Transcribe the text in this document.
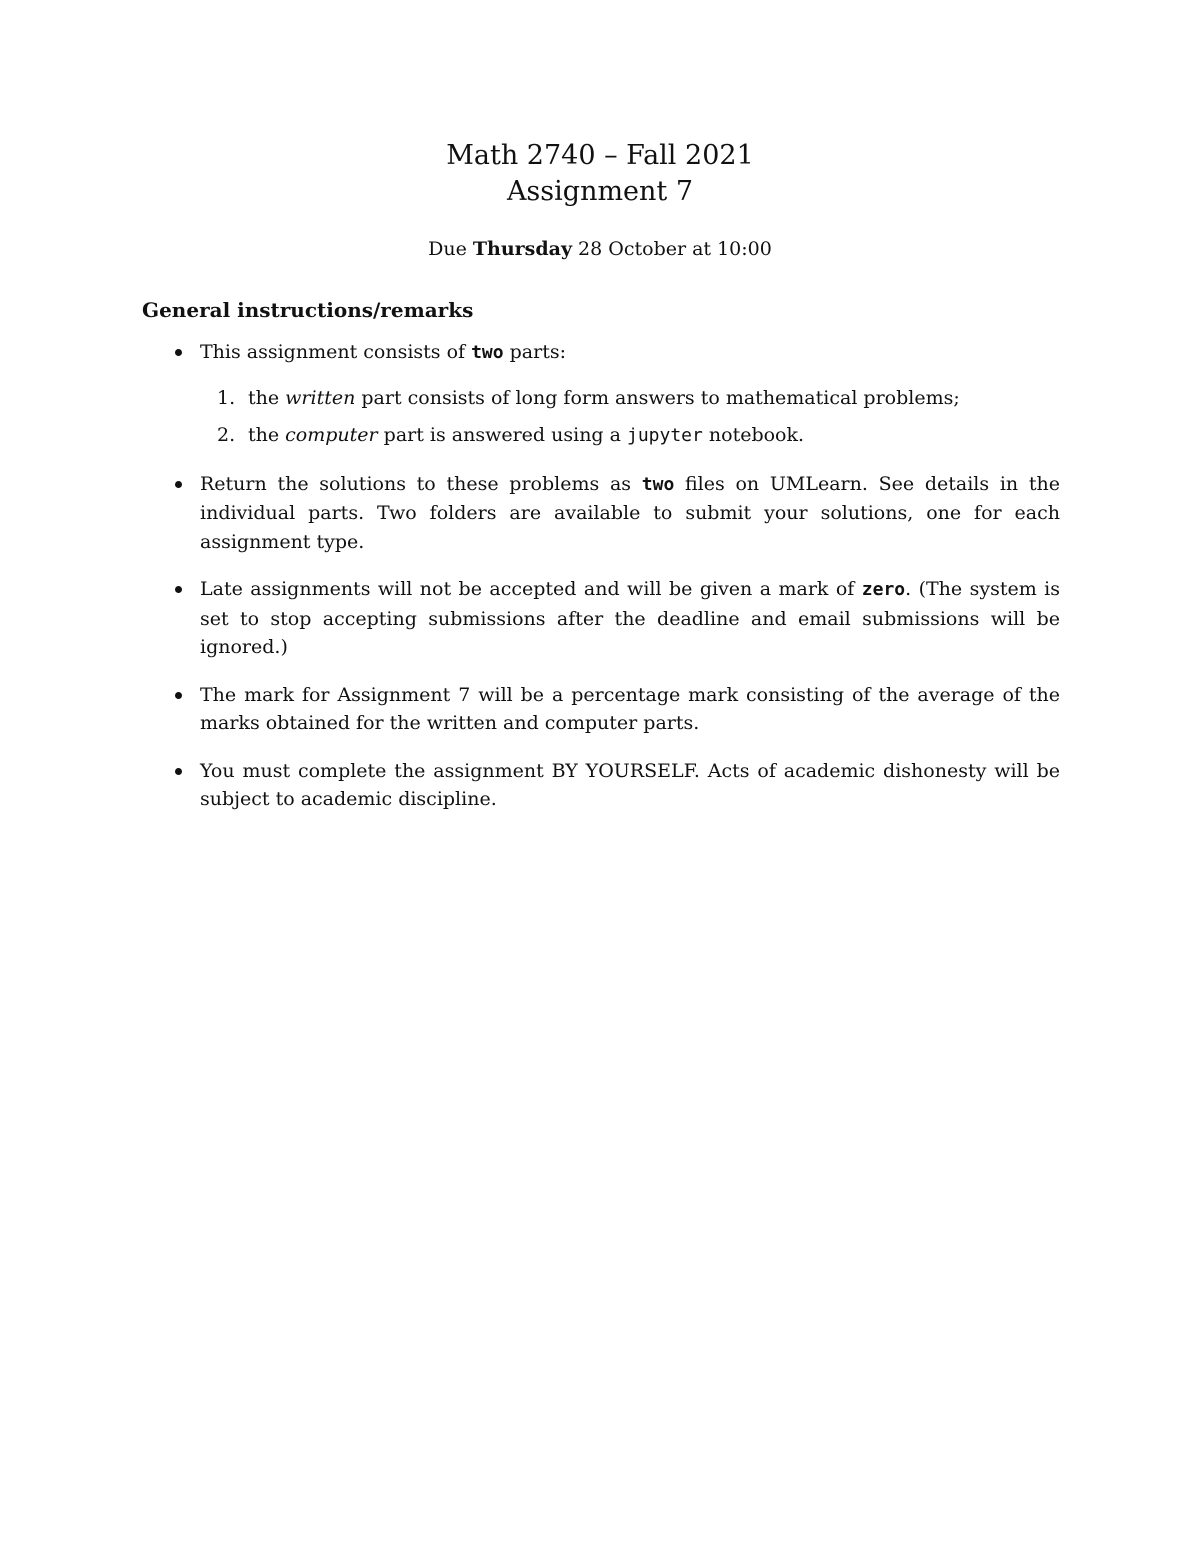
Math 2740 – Fall 2021
Assignment 7
Due Thursday 28 October at 10:00
General instructions/remarks
This assignment consists of two parts:
1. the written part consists of long form answers to mathematical problems;
2. the computer part is answered using a jupyter notebook.
Return the solutions to these problems as two files on UMLearn. See details in the individual parts. Two folders are available to submit your solutions, one for each assignment type.
Late assignments will not be accepted and will be given a mark of zero. (The system is set to stop accepting submissions after the deadline and email submissions will be ignored.)
The mark for Assignment 7 will be a percentage mark consisting of the average of the marks obtained for the written and computer parts.
You must complete the assignment BY YOURSELF. Acts of academic dishonesty will be subject to academic discipline.
